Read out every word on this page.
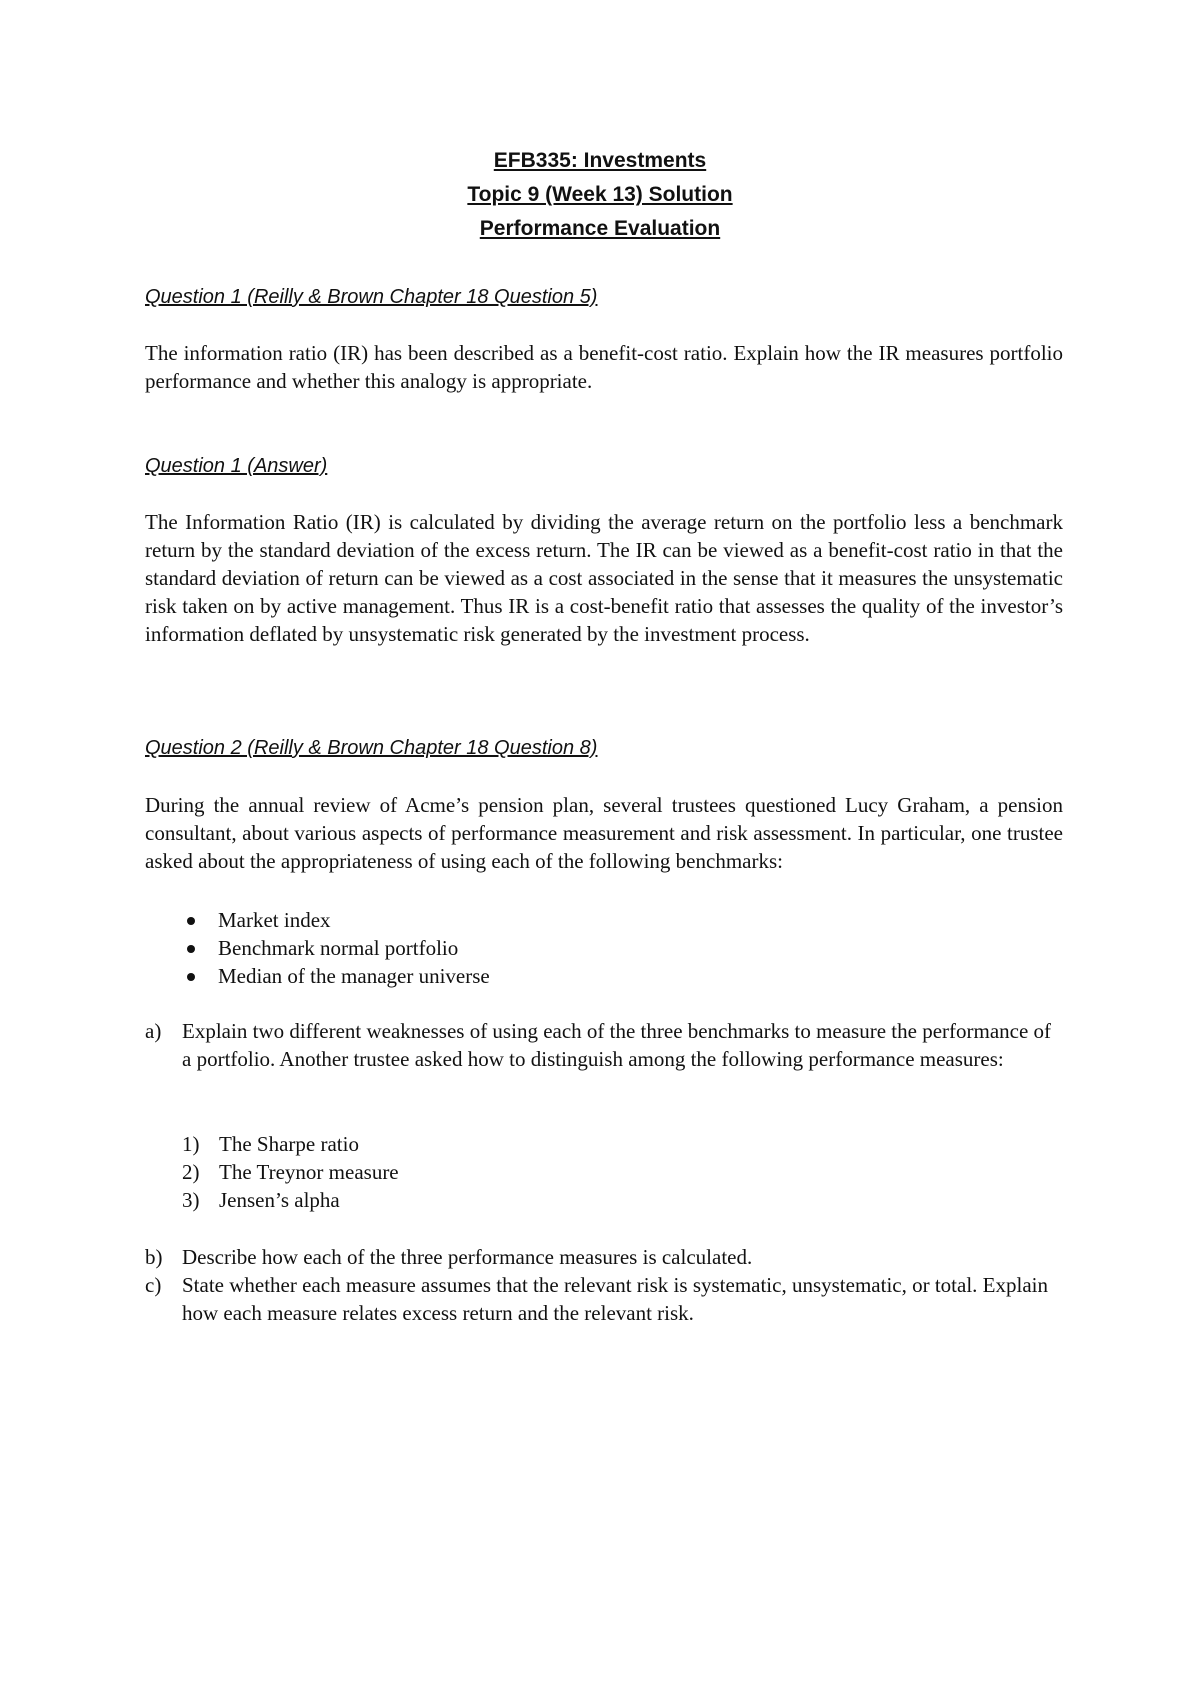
EFB335: Investments
Topic 9 (Week 13) Solution
Performance Evaluation
Question 1 (Reilly & Brown Chapter 18 Question 5)
The information ratio (IR) has been described as a benefit-cost ratio. Explain how the IR measures portfolio performance and whether this analogy is appropriate.
Question 1 (Answer)
The Information Ratio (IR) is calculated by dividing the average return on the portfolio less a benchmark return by the standard deviation of the excess return. The IR can be viewed as a benefit-cost ratio in that the standard deviation of return can be viewed as a cost associated in the sense that it measures the unsystematic risk taken on by active management. Thus IR is a cost-benefit ratio that assesses the quality of the investor’s information deflated by unsystematic risk generated by the investment process.
Question 2 (Reilly & Brown Chapter 18 Question 8)
During the annual review of Acme’s pension plan, several trustees questioned Lucy Graham, a pension consultant, about various aspects of performance measurement and risk assessment. In particular, one trustee asked about the appropriateness of using each of the following benchmarks:
Market index
Benchmark normal portfolio
Median of the manager universe
a) Explain two different weaknesses of using each of the three benchmarks to measure the performance of a portfolio. Another trustee asked how to distinguish among the following performance measures:
1) The Sharpe ratio
2) The Treynor measure
3) Jensen’s alpha
b) Describe how each of the three performance measures is calculated.
c) State whether each measure assumes that the relevant risk is systematic, unsystematic, or total. Explain how each measure relates excess return and the relevant risk.
